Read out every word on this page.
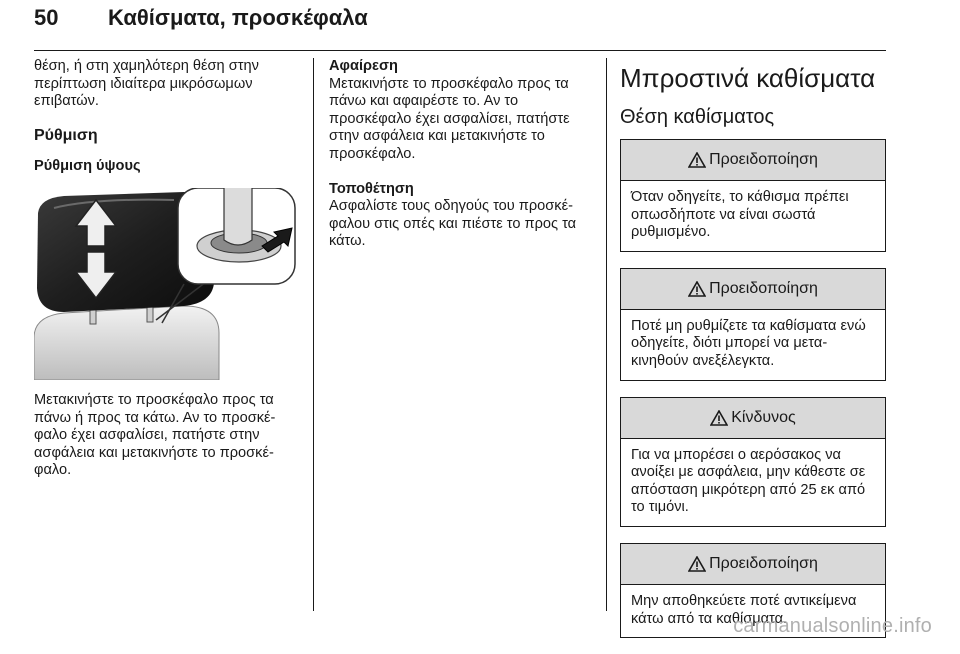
50 Καθίσματα, προσκέφαλα

θέση, ή στη χαμηλότερη θέση στην περίπτωση ιδιαίτερα μικρόσωμων επιβατών.

Ρύθμιση

Ρύθμιση ύψους

Μετακινήστε το προσκέφαλο προς τα πάνω ή προς τα κάτω. Αν το προσκέφαλο έχει ασφαλίσει, πατήστε στην ασφάλεια και μετακινήστε το προσκέφαλο.

Αφαίρεση

Μετακινήστε το προσκέφαλο προς τα πάνω και αφαιρέστε το. Αν το προσκέφαλο έχει ασφαλίσει, πατήστε στην ασφάλεια και μετακινήστε το προσκέφαλο.

Τοποθέτηση

Ασφαλίστε τους οδηγούς του προσκέφαλου στις οπές και πιέστε το προς τα κάτω.

Μπροστινά καθίσματα

Θέση καθίσματος

Προειδοποίηση
Όταν οδηγείτε, το κάθισμα πρέπει οπωσδήποτε να είναι σωστά ρυθμισμένο.
Προειδοποίηση
Ποτέ μη ρυθμίζετε τα καθίσματα ενώ οδηγείτε, διότι μπορεί να μετακινηθούν ανεξέλεγκτα.
Κίνδυνος
Για να μπορέσει ο αερόσακος να ανοίξει με ασφάλεια, μην κάθεστε σε απόσταση μικρότερη από 25 εκ από το τιμόνι.
Προειδοποίηση
Μην αποθηκεύετε ποτέ αντικείμενα κάτω από τα καθίσματα.
carmanualsonline.info
